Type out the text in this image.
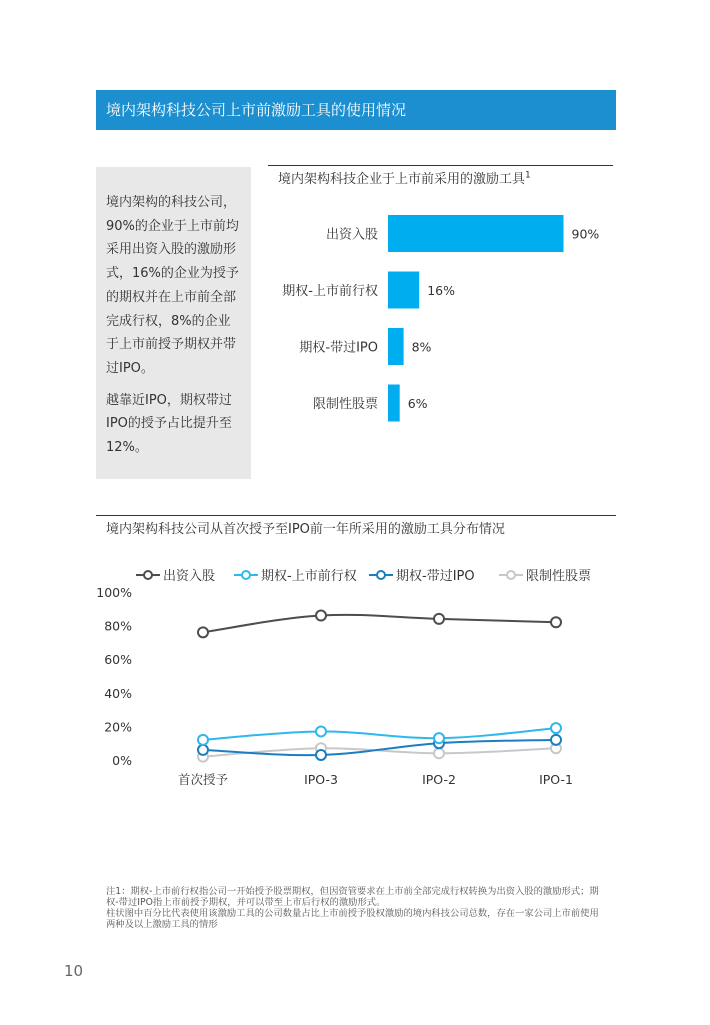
境内架构科技公司上市前激励工具的使用情况

境内架构的科技公司，90%的企业于上市前均采用出资入股的激励形式，16%的企业为授予的期权并在上市前全部完成行权，8%的企业于上市前授予期权并带过IPO。

越靠近IPO，期权带过IPO的授予占比提升至12%。

境内架构科技企业于上市前采用的激励工具$^1$
出资入股	90%
期权-上市前行权	16%
期权-带过IPO	8%
限制性股票 6%
境内架构科技公司从首次授予至IPO前一年所采用的激励工具分布情况
出资入股	期权-上市前行权	期权-带过IPO	限制性股票
0%
20%
40%
60%
80%
100%
首次授予	IPO-3	IPO-2	IPO-1
注1：期权-上市前行权指公司一开始授予股票期权，但因资管要求在上市前全部完成行权转换为出资入股的激励形式；期权-带过IPO指上市前授予期权，并可以带至上市后行权的激励形式。
柱状图中百分比代表使用该激励工具的公司数量占比上市前授予股权激励的境内科技公司总数，存在一家公司上市前使用两种及以上激励工具的情形
10
